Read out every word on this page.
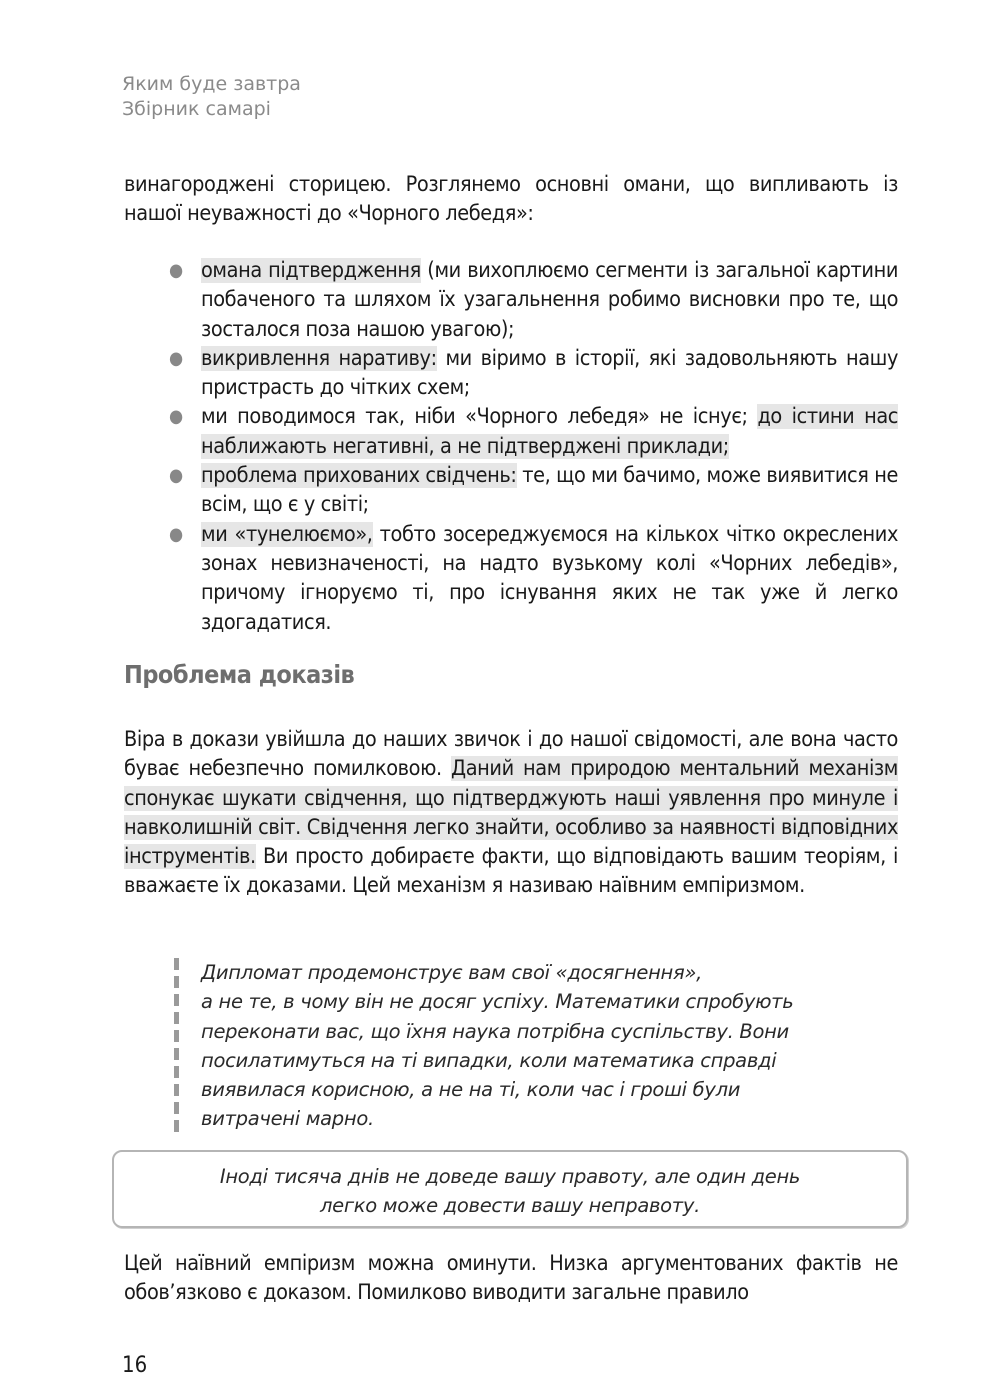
Яким буде завтра
Збірник самарі
винагороджені сторицею. Розглянемо основні омани, що випливають із нашої неуважності до «Чорного лебедя»:
● омана підтвердження (ми вихоплюємо сегменти із загальної картини побаченого та шляхом їх узагальнення робимо висновки про те, що зосталося поза нашою увагою);
● викривлення наративу: ми віримо в історії, які задовольняють нашу пристрасть до чітких схем;
● ми поводимося так, ніби «Чорного лебедя» не існує; до істини нас наближають негативні, а не підтверджені приклади;
● проблема прихованих свідчень: те, що ми бачимо, може виявитися не всім, що є у світі;
● ми «тунелюємо», тобто зосереджуємося на кількох чітко окреслених зонах невизначеності, на надто вузькому колі «Чорних лебедів», причому ігноруємо ті, про існування яких не так уже й легко здогадатися.
Проблема доказів
Віра в докази увійшла до наших звичок і до нашої свідомості, але вона часто буває небезпечно помилковою. Даний нам природою ментальний механізм спонукає шукати свідчення, що підтверджують наші уявлення про минуле і навколишній світ. Свідчення легко знайти, особливо за наявності відповідних інструментів. Ви просто добираєте факти, що відповідають вашим теоріям, і вважаєте їх доказами. Цей механізм я називаю наївним емпіризмом.
Дипломат продемонструє вам свої «досягнення»,
а не те, в чому він не досяг успіху. Математики спробують
переконати вас, що їхня наука потрібна суспільству. Вони
посилатимуться на ті випадки, коли математика справді
виявилася корисною, а не на ті, коли час і гроші були
витрачені марно.
Іноді тисяча днів не доведе вашу правоту, але один день
легко може довести вашу неправоту.
Цей наївний емпіризм можна оминути. Низка аргументованих фактів не обов’язково є доказом. Помилково виводити загальне правило
16
